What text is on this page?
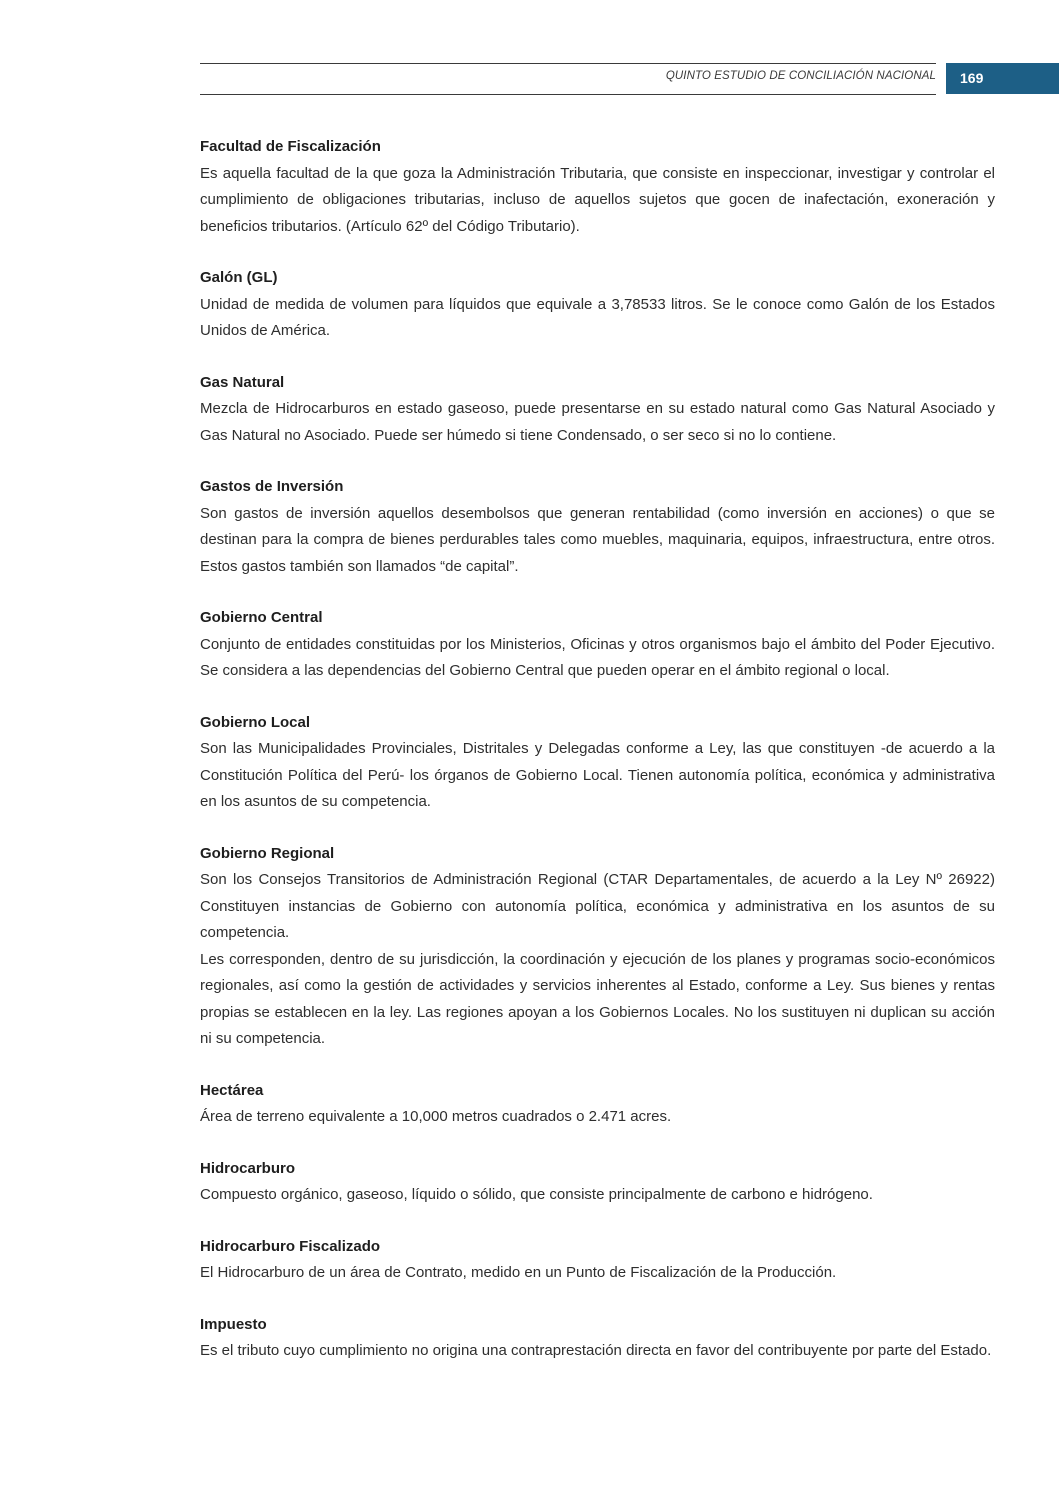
QUINTO ESTUDIO DE CONCILIACIÓN NACIONAL	169
Facultad de Fiscalización

Es aquella facultad de la que goza la Administración Tributaria, que consiste en inspeccionar, investigar y controlar el cumplimiento de obligaciones tributarias, incluso de aquellos sujetos que gocen de inafectación, exoneración y beneficios tributarios. (Artículo 62º del Código Tributario).

Galón (GL)

Unidad de medida de volumen para líquidos que equivale a 3,78533 litros. Se le conoce como Galón de los Estados Unidos de América.

Gas Natural

Mezcla de Hidrocarburos en estado gaseoso, puede presentarse en su estado natural como Gas Natural Asociado y Gas Natural no Asociado. Puede ser húmedo si tiene Condensado, o ser seco si no lo contiene.

Gastos de Inversión

Son gastos de inversión aquellos desembolsos que generan rentabilidad (como inversión en acciones) o que se destinan para la compra de bienes perdurables tales como muebles, maquinaria, equipos, infraestructura, entre otros. Estos gastos también son llamados “de capital”.

Gobierno Central

Conjunto de entidades constituidas por los Ministerios, Oficinas y otros organismos bajo el ámbito del Poder Ejecutivo. Se considera a las dependencias del Gobierno Central que pueden operar en el ámbito regional o local.

Gobierno Local

Son las Municipalidades Provinciales, Distritales y Delegadas conforme a Ley, las que constituyen -de acuerdo a la Constitución Política del Perú- los órganos de Gobierno Local. Tienen autonomía política, económica y administrativa en los asuntos de su competencia.

Gobierno Regional

Son los Consejos Transitorios de Administración Regional (CTAR Departamentales, de acuerdo a la Ley Nº 26922) Constituyen instancias de Gobierno con autonomía política, económica y administrativa en los asuntos de su competencia.

Les corresponden, dentro de su jurisdicción, la coordinación y ejecución de los planes y programas socio-económicos regionales, así como la gestión de actividades y servicios inherentes al Estado, conforme a Ley. Sus bienes y rentas propias se establecen en la ley. Las regiones apoyan a los Gobiernos Locales. No los sustituyen ni duplican su acción ni su competencia.

Hectárea

Área de terreno equivalente a 10,000 metros cuadrados o 2.471 acres.

Hidrocarburo

Compuesto orgánico, gaseoso, líquido o sólido, que consiste principalmente de carbono e hidrógeno.

Hidrocarburo Fiscalizado

El Hidrocarburo de un área de Contrato, medido en un Punto de Fiscalización de la Producción.

Impuesto

Es el tributo cuyo cumplimiento no origina una contraprestación directa en favor del contribuyente por parte del Estado.
